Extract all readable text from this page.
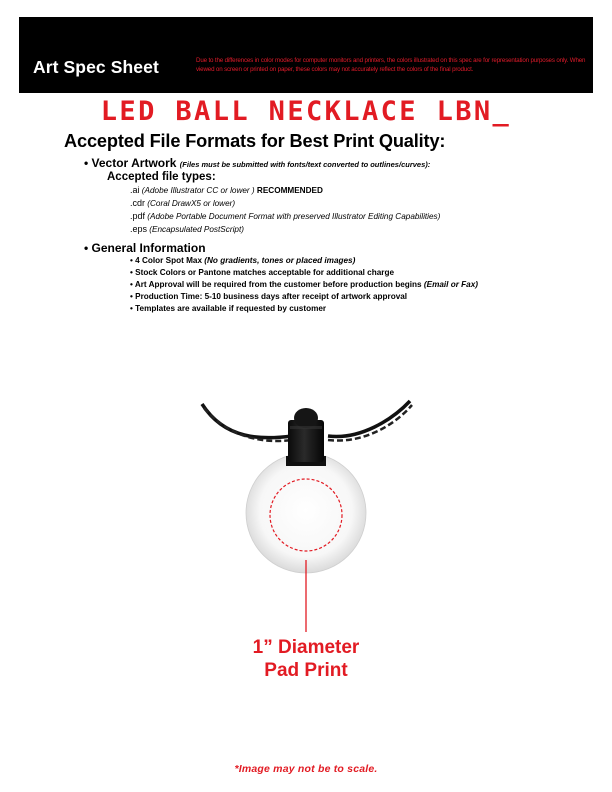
Art Spec Sheet	Due to the differences in color modes for computer monitors and printers, the colors illustrated on this spec are for representation purposes only. When viewed on screen or printed on paper, these colors may not accurately reflect the colors of the final product.
LED BALL NECKLACE LBN_
Accepted File Formats for Best Print Quality:
• Vector Artwork (Files must be submitted with fonts/text converted to outlines/curves):
Accepted file types:
.ai (Adobe Illustrator CC or lower ) RECOMMENDED
.cdr (Coral DrawX5 or lower)
.pdf (Adobe Portable Document Format with preserved Illustrator Editing Capabilities)
.eps (Encapsulated PostScript)
• General Information
• 4 Color Spot Max (No gradients, tones or placed images)
• Stock Colors or Pantone matches acceptable for additional charge
• Art Approval will be required from the customer before production begins (Email or Fax)
• Production Time: 5-10 business days after receipt of artwork approval
• Templates are available if requested by customer
1” Diameter
Pad Print
*Image may not be to scale.
